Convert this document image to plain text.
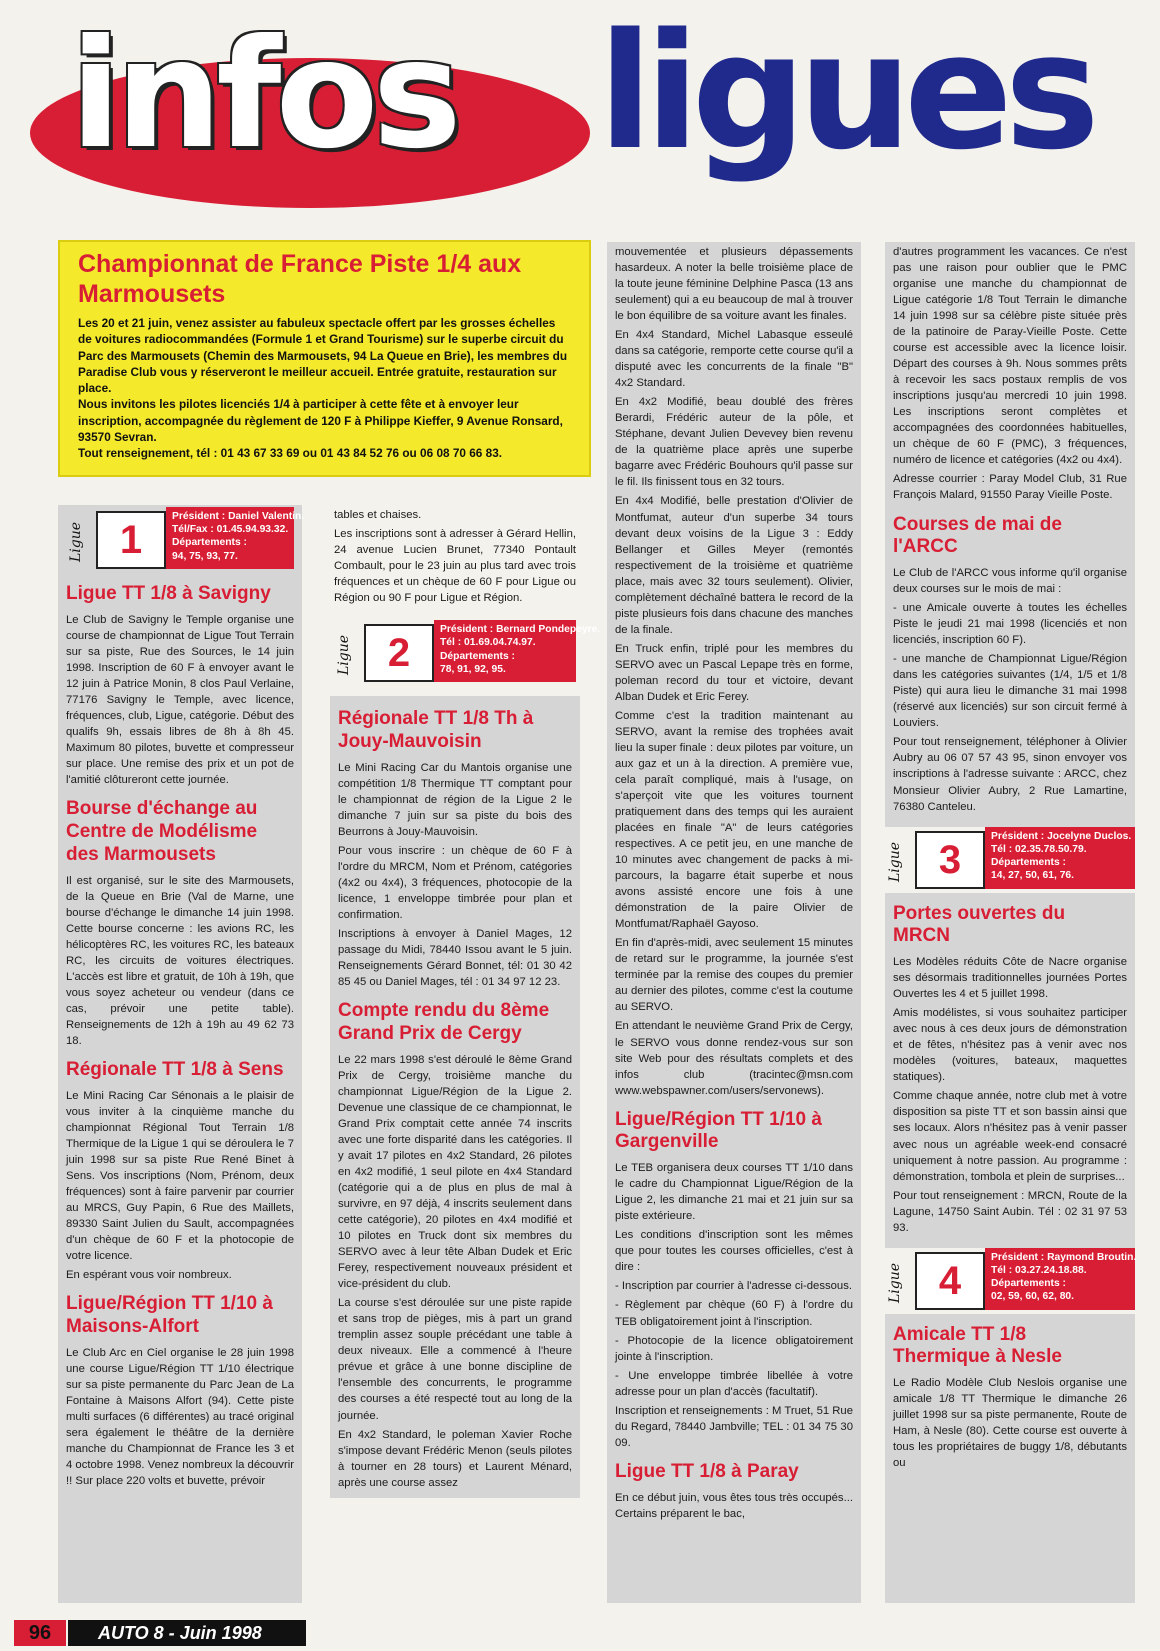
infos ligues
Championnat de France Piste 1/4 aux Marmousets

Les 20 et 21 juin, venez assister au fabuleux spectacle offert par les grosses échelles de voitures radiocommandées (Formule 1 et Grand Tourisme) sur le superbe circuit du Parc des Marmousets (Chemin des Marmousets, 94 La Queue en Brie), les membres du Paradise Club vous y réserveront le meilleur accueil. Entrée gratuite, restauration sur place.

Nous invitons les pilotes licenciés 1/4 à participer à cette fête et à envoyer leur inscription, accompagnée du règlement de 120 F à Philippe Kieffer, 9 Avenue Ronsard, 93570 Sevran.

Tout renseignement, tél : 01 43 67 33 69 ou 01 43 84 52 76 ou 06 08 70 66 83.

Ligue 1
Président : Daniel Valentin.
Tél/Fax : 01.45.94.93.32.
Départements :
94, 75, 93, 77.
Ligue TT 1/8 à Savigny

Le Club de Savigny le Temple organise une course de championnat de Ligue Tout Terrain sur sa piste, Rue des Sources, le 14 juin 1998. Inscription de 60 F à envoyer avant le 12 juin à Patrice Monin, 8 clos Paul Verlaine, 77176 Savigny le Temple, avec licence, fréquences, club, Ligue, catégorie. Début des qualifs 9h, essais libres de 8h à 8h 45. Maximum 80 pilotes, buvette et compresseur sur place. Une remise des prix et un pot de l'amitié clôtureront cette journée.

Bourse d'échange au Centre de Modélisme des Marmousets

Il est organisé, sur le site des Marmousets, de la Queue en Brie (Val de Marne, une bourse d'échange le dimanche 14 juin 1998. Cette bourse concerne : les avions RC, les hélicoptères RC, les voitures RC, les bateaux RC, les circuits de voitures électriques. L'accès est libre et gratuit, de 10h à 19h, que vous soyez acheteur ou vendeur (dans ce cas, prévoir une petite table). Renseignements de 12h à 19h au 49 62 73 18.

Régionale TT 1/8 à Sens

Le Mini Racing Car Sénonais a le plaisir de vous inviter à la cinquième manche du championnat Régional Tout Terrain 1/8 Thermique de la Ligue 1 qui se déroulera le 7 juin 1998 sur sa piste Rue René Binet à Sens. Vos inscriptions (Nom, Prénom, deux fréquences) sont à faire parvenir par courrier au MRCS, Guy Papin, 6 Rue des Maillets, 89330 Saint Julien du Sault, accompagnées d'un chèque de 60 F et la photocopie de votre licence.

En espérant vous voir nombreux.

Ligue/Région TT 1/10 à Maisons-Alfort

Le Club Arc en Ciel organise le 28 juin 1998 une course Ligue/Région TT 1/10 électrique sur sa piste permanente du Parc Jean de La Fontaine à Maisons Alfort (94). Cette piste multi surfaces (6 différentes) au tracé original sera également le théâtre de la dernière manche du Championnat de France les 3 et 4 octobre 1998. Venez nombreux la découvrir !! Sur place 220 volts et buvette, prévoir

tables et chaises.

Les inscriptions sont à adresser à Gérard Hellin, 24 avenue Lucien Brunet, 77340 Pontault Combault, pour le 23 juin au plus tard avec trois fréquences et un chèque de 60 F pour Ligue ou Région ou 90 F pour Ligue et Région.

Ligue 2
Président : Bernard Pondepeyre.
Tél : 01.69.04.74.97.
Départements :
78, 91, 92, 95.
Régionale TT 1/8 Th à Jouy-Mauvoisin

Le Mini Racing Car du Mantois organise une compétition 1/8 Thermique TT comptant pour le championnat de région de la Ligue 2 le dimanche 7 juin sur sa piste du bois des Beurrons à Jouy-Mauvoisin.

Pour vous inscrire : un chèque de 60 F à l'ordre du MRCM, Nom et Prénom, catégories (4x2 ou 4x4), 3 fréquences, photocopie de la licence, 1 enveloppe timbrée pour plan et confirmation.

Inscriptions à envoyer à Daniel Mages, 12 passage du Midi, 78440 Issou avant le 5 juin. Renseignements Gérard Bonnet, tél: 01 30 42 85 45 ou Daniel Mages, tél : 01 34 97 12 23.

Compte rendu du 8ème Grand Prix de Cergy

Le 22 mars 1998 s'est déroulé le 8ème Grand Prix de Cergy, troisième manche du championnat Ligue/Région de la Ligue 2. Devenue une classique de ce championnat, le Grand Prix comptait cette année 74 inscrits avec une forte disparité dans les catégories. Il y avait 17 pilotes en 4x2 Standard, 26 pilotes en 4x2 modifié, 1 seul pilote en 4x4 Standard (catégorie qui a de plus en plus de mal à survivre, en 97 déjà, 4 inscrits seulement dans cette catégorie), 20 pilotes en 4x4 modifié et 10 pilotes en Truck dont six membres du SERVO avec à leur tête Alban Dudek et Eric Ferey, respectivement nouveaux président et vice-président du club.

La course s'est déroulée sur une piste rapide et sans trop de pièges, mis à part un grand tremplin assez souple précédant une table à deux niveaux. Elle a commencé à l'heure prévue et grâce à une bonne discipline de l'ensemble des concurrents, le programme des courses a été respecté tout au long de la journée.

En 4x2 Standard, le poleman Xavier Roche s'impose devant Frédéric Menon (seuls pilotes à tourner en 28 tours) et Laurent Ménard, après une course assez

mouvementée et plusieurs dépassements hasardeux. A noter la belle troisième place de la toute jeune féminine Delphine Pasca (13 ans seulement) qui a eu beaucoup de mal à trouver le bon équilibre de sa voiture avant les finales.

En 4x4 Standard, Michel Labasque esseulé dans sa catégorie, remporte cette course qu'il a disputé avec les concurrents de la finale "B" 4x2 Standard.

En 4x2 Modifié, beau doublé des frères Berardi, Frédéric auteur de la pôle, et Stéphane, devant Julien Devevey bien revenu de la quatrième place après une superbe bagarre avec Frédéric Bouhours qu'il passe sur le fil. Ils finissent tous en 32 tours.

En 4x4 Modifié, belle prestation d'Olivier de Montfumat, auteur d'un superbe 34 tours devant deux voisins de la Ligue 3 : Eddy Bellanger et Gilles Meyer (remontés respectivement de la troisième et quatrième place, mais avec 32 tours seulement). Olivier, complètement déchaîné battera le record de la piste plusieurs fois dans chacune des manches de la finale.

En Truck enfin, triplé pour les membres du SERVO avec un Pascal Lepape très en forme, poleman record du tour et victoire, devant Alban Dudek et Eric Ferey.

Comme c'est la tradition maintenant au SERVO, avant la remise des trophées avait lieu la super finale : deux pilotes par voiture, un aux gaz et un à la direction. A première vue, cela paraît compliqué, mais à l'usage, on s'aperçoit vite que les voitures tournent pratiquement dans des temps qui les auraient placées en finale "A" de leurs catégories respectives. A ce petit jeu, en une manche de 10 minutes avec changement de packs à mi-parcours, la bagarre était superbe et nous avons assisté encore une fois à une démonstration de la paire Olivier de Montfumat/Raphaël Gayoso.

En fin d'après-midi, avec seulement 15 minutes de retard sur le programme, la journée s'est terminée par la remise des coupes du premier au dernier des pilotes, comme c'est la coutume au SERVO.

En attendant le neuvième Grand Prix de Cergy, le SERVO vous donne rendez-vous sur son site Web pour des résultats complets et des infos club (tracintec@msn.com www.webspawner.com/users/servonews).

Ligue/Région TT 1/10 à Gargenville

Le TEB organisera deux courses TT 1/10 dans le cadre du Championnat Ligue/Région de la Ligue 2, les dimanche 21 mai et 21 juin sur sa piste extérieure.

Les conditions d'inscription sont les mêmes que pour toutes les courses officielles, c'est à dire :

- Inscription par courrier à l'adresse ci-dessous.

- Règlement par chèque (60 F) à l'ordre du TEB obligatoirement joint à l'inscription.

- Photocopie de la licence obligatoirement jointe à l'inscription.

- Une enveloppe timbrée libellée à votre adresse pour un plan d'accès (facultatif).

Inscription et renseignements : M Truet, 51 Rue du Regard, 78440 Jambville; TEL : 01 34 75 30 09.

Ligue TT 1/8 à Paray

En ce début juin, vous êtes tous très occupés... Certains préparent le bac,

d'autres programment les vacances. Ce n'est pas une raison pour oublier que le PMC organise une manche du championnat de Ligue catégorie 1/8 Tout Terrain le dimanche 14 juin 1998 sur sa célèbre piste située près de la patinoire de Paray-Vieille Poste. Cette course est accessible avec la licence loisir. Départ des courses à 9h. Nous sommes prêts à recevoir les sacs postaux remplis de vos inscriptions jusqu'au mercredi 10 juin 1998. Les inscriptions seront complètes et accompagnées des coordonnées habituelles, un chèque de 60 F (PMC), 3 fréquences, numéro de licence et catégories (4x2 ou 4x4).

Adresse courrier : Paray Model Club, 31 Rue François Malard, 91550 Paray Vieille Poste.

Courses de mai de l'ARCC

Le Club de l'ARCC vous informe qu'il organise deux courses sur le mois de mai :

- une Amicale ouverte à toutes les échelles Piste le jeudi 21 mai 1998 (licenciés et non licenciés, inscription 60 F).

- une manche de Championnat Ligue/Région dans les catégories suivantes (1/4, 1/5 et 1/8 Piste) qui aura lieu le dimanche 31 mai 1998 (réservé aux licenciés) sur son circuit fermé à Louviers.

Pour tout renseignement, téléphoner à Olivier Aubry au 06 07 57 43 95, sinon envoyer vos inscriptions à l'adresse suivante : ARCC, chez Monsieur Olivier Aubry, 2 Rue Lamartine, 76380 Canteleu.

Ligue 3
Président : Jocelyne Duclos.
Tél : 02.35.78.50.79.
Départements :
14, 27, 50, 61, 76.
Portes ouvertes du MRCN

Les Modèles réduits Côte de Nacre organise ses désormais traditionnelles journées Portes Ouvertes les 4 et 5 juillet 1998.

Amis modélistes, si vous souhaitez participer avec nous à ces deux jours de démonstration et de fêtes, n'hésitez pas à venir avec nos modèles (voitures, bateaux, maquettes statiques).

Comme chaque année, notre club met à votre disposition sa piste TT et son bassin ainsi que ses locaux. Alors n'hésitez pas à venir passer avec nous un agréable week-end consacré uniquement à notre passion. Au programme : démonstration, tombola et plein de surprises...

Pour tout renseignement : MRCN, Route de la Lagune, 14750 Saint Aubin. Tél : 02 31 97 53 93.

Ligue 4
Président : Raymond Broutin.
Tél : 03.27.24.18.88.
Départements :
02, 59, 60, 62, 80.
Amicale TT 1/8 Thermique à Nesle

Le Radio Modèle Club Neslois organise une amicale 1/8 TT Thermique le dimanche 26 juillet 1998 sur sa piste permanente, Route de Ham, à Nesle (80). Cette course est ouverte à tous les propriétaires de buggy 1/8, débutants ou

96	AUTO 8 - Juin 1998
